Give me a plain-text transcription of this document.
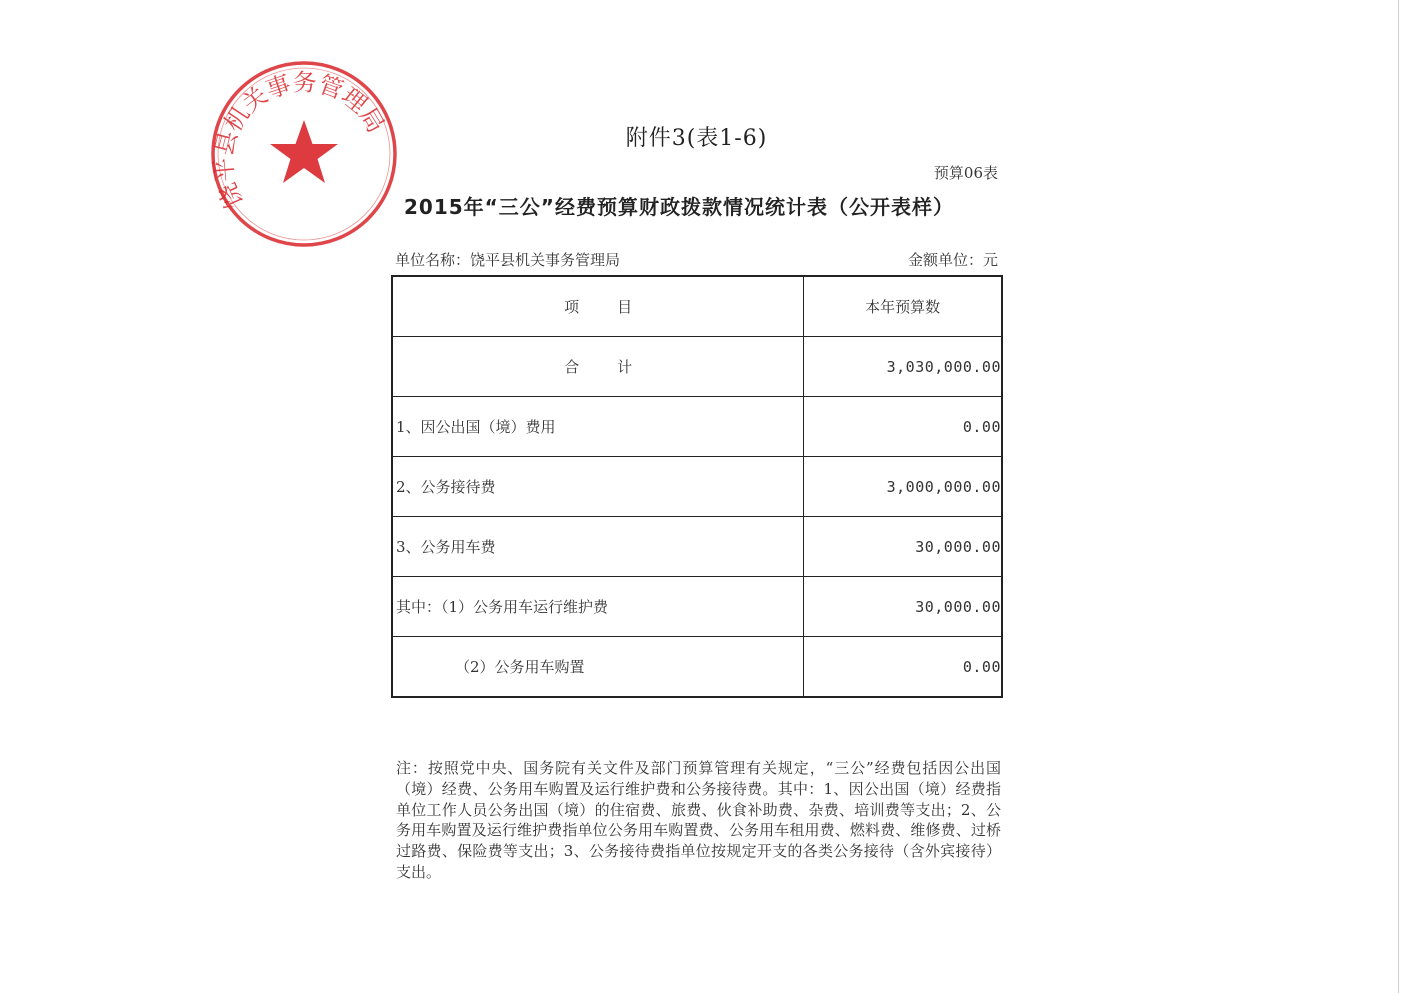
饶平县机关事务管理局
附件3(表1-6)
预算06表
2015年“三公”经费预算财政拨款情况统计表（公开表样）
单位名称：饶平县机关事务管理局	金额单位：元
项目	本年预算数
合计	3,030,000.00
1、因公出国（境）费用	0.00
2、公务接待费	3,000,000.00
3、公务用车费	30,000.00
其中：（1）公务用车运行维护费	30,000.00
（2）公务用车购置	0.00
注：按照党中央、国务院有关文件及部门预算管理有关规定，“三公”经费包括因公出国（境）经费、公务用车购置及运行维护费和公务接待费。其中：1、因公出国（境）经费指单位工作人员公务出国（境）的住宿费、旅费、伙食补助费、杂费、培训费等支出；2、公务用车购置及运行维护费指单位公务用车购置费、公务用车租用费、燃料费、维修费、过桥过路费、保险费等支出；3、公务接待费指单位按规定开支的各类公务接待（含外宾接待）支出。
